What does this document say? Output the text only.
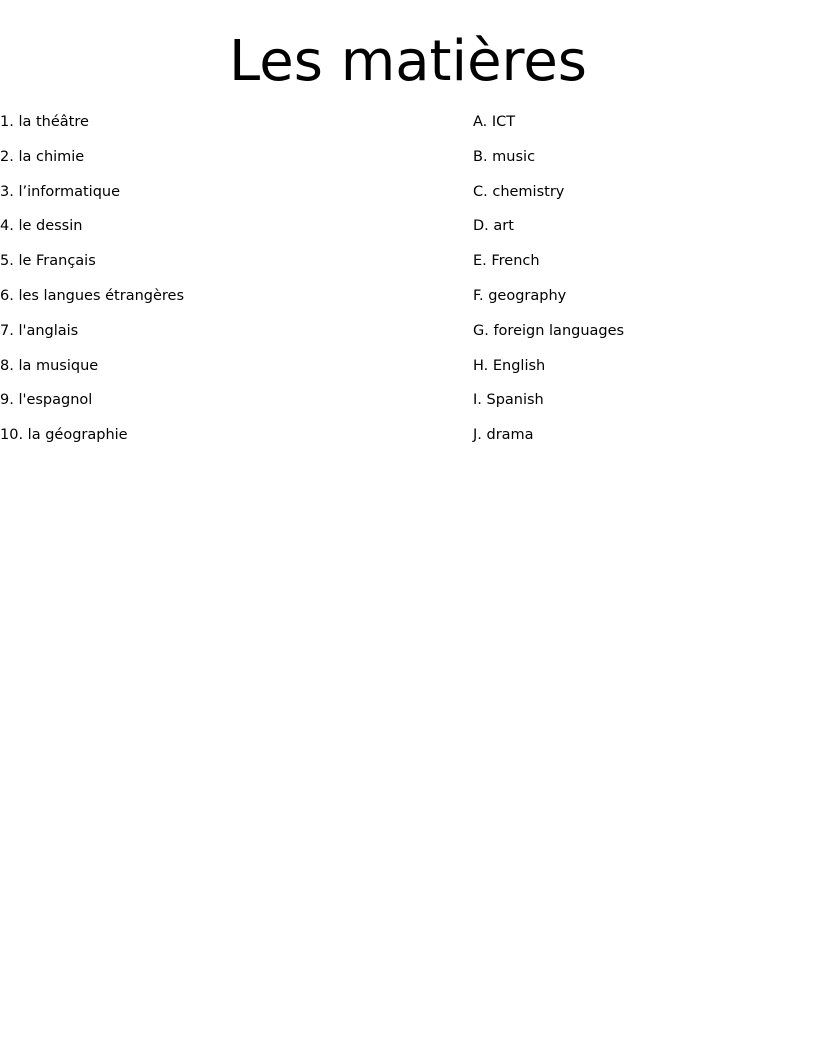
Les matières
1. la théâtre
2. la chimie
3. l’informatique
4. le dessin
5. le Français
6. les langues étrangères
7. l'anglais
8. la musique
9. l'espagnol
10. la géographie
A. ICT
B. music
C. chemistry
D. art
E. French
F. geography
G. foreign languages
H. English
I. Spanish
J. drama
